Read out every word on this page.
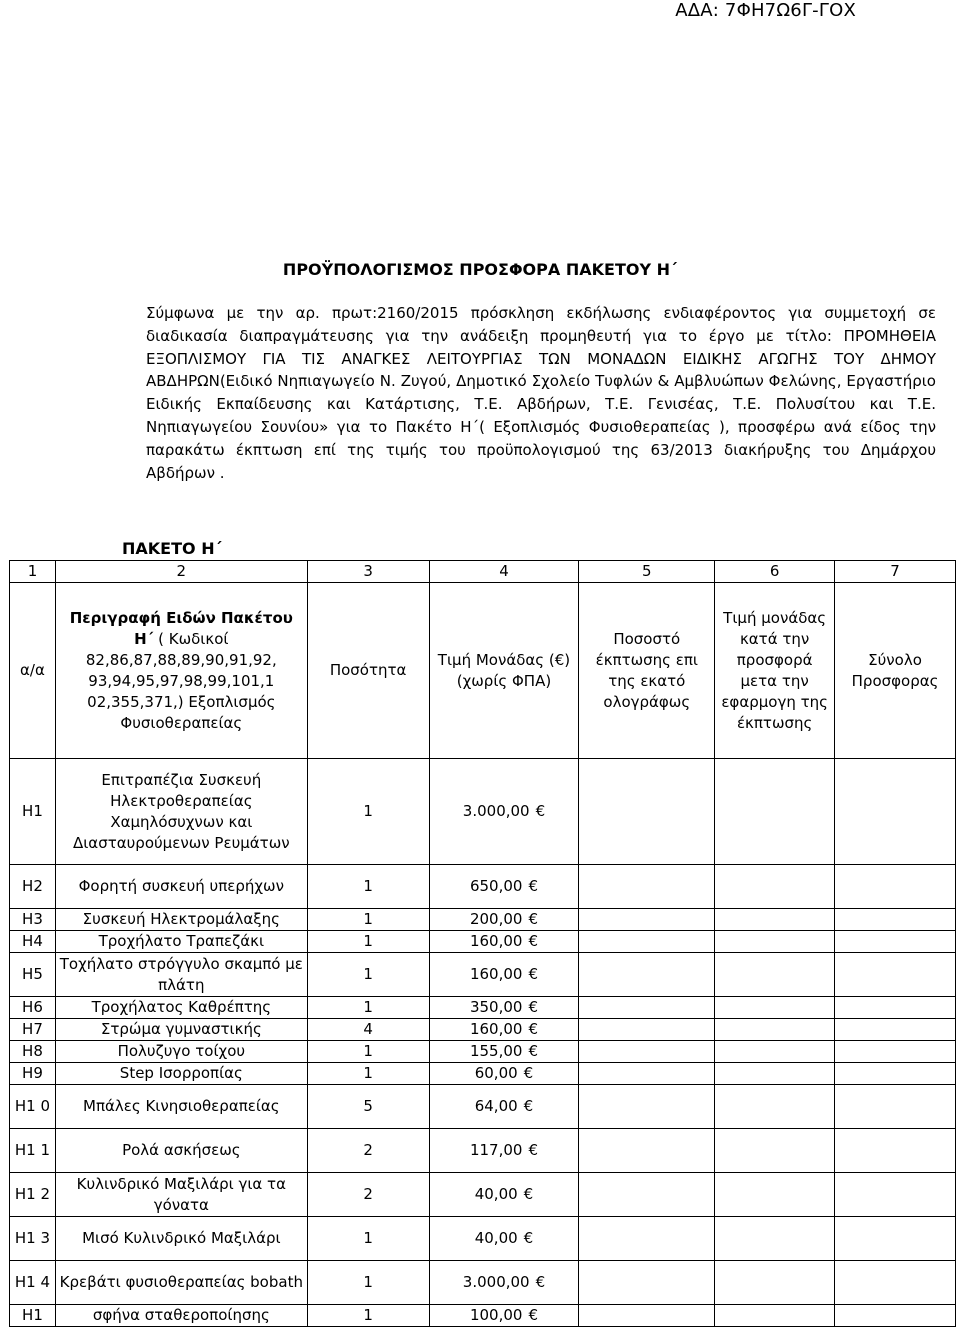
ΑΔΑ: 7ΦΗ7Ω6Γ-ΓΟΧ
ΠΡΟΫΠΟΛΟΓΙΣΜΟΣ ΠΡΟΣΦΟΡΑ ΠΑΚΕΤΟΥ Η΄
Σύμφωνα με την αρ. πρωτ:2160/2015 πρόσκληση εκδήλωσης ενδιαφέροντος για συμμετοχή σε διαδικασία διαπραγμάτευσης για την ανάδειξη προμηθευτή για το έργο με τίτλο: ΠΡΟΜΗΘΕΙΑ ΕΞΟΠΛΙΣΜΟΥ ΓΙΑ ΤΙΣ ΑΝΑΓΚΕΣ ΛΕΙΤΟΥΡΓΙΑΣ ΤΩΝ ΜΟΝΑΔΩΝ ΕΙΔΙΚΗΣ ΑΓΩΓΗΣ ΤΟΥ ΔΗΜΟΥ ΑΒΔΗΡΩΝ(Ειδικό Νηπιαγωγείο Ν. Ζυγού, Δημοτικό Σχολείο Τυφλών & Αμβλυώπων Φελώνης, Εργαστήριο Ειδικής Εκπαίδευσης και Κατάρτισης, Τ.Ε. Αβδήρων, Τ.Ε. Γενισέας, Τ.Ε. Πολυσίτου και Τ.Ε. Νηπιαγωγείου Σουνίου» για το Πακέτο Η΄( Εξοπλισμός Φυσιοθεραπείας ), προσφέρω ανά είδος την παρακάτω έκπτωση επί της τιμής του προϋπολογισμού της 63/2013 διακήρυξης του Δημάρχου Αβδήρων .
ΠΑΚΕΤΟ Η΄
1	2	3	4	5	6	7
α/α	Περιγραφή Ειδών Πακέτου Η΄ ( Κωδικοί 82,86,87,88,89,90,91,92, 93,94,95,97,98,99,101,1 02,355,371,) Εξοπλισμός Φυσιοθεραπείας	Ποσότητα	Τιμή Μονάδας (€) (χωρίς ΦΠΑ)	Ποσοστό έκπτωσης επι της εκατό ολογράφως	Τιμή μονάδας κατά την προσφορά μετα την εφαρμογη της έκπτωσης	Σύνολο Προσφορας
Η1	Επιτραπέζια Συσκευή Ηλεκτροθεραπείας Χαμηλόσυχνων και Διασταυρούμενων Ρευμάτων	1	3.000,00 €			
Η2	Φορητή συσκευή υπερήχων	1	650,00 €			
Η3	Συσκευή Ηλεκτρομάλαξης	1	200,00 €			
Η4	Τροχήλατο Τραπεζάκι	1	160,00 €			
Η5	Τοχήλατο στρόγγυλο σκαμπό με πλάτη	1	160,00 €			
Η6	Τροχήλατος Καθρέπτης	1	350,00 €			
Η7	Στρώμα γυμναστικής	4	160,00 €			
Η8	Πολυζυγο τοίχου	1	155,00 €			
Η9	Step Ισορροπίας	1	60,00 €			
Η1 0	Μπάλες Κινησιοθεραπείας	5	64,00 €			
Η1 1	Ρολά ασκήσεως	2	117,00 €			
Η1 2	Κυλινδρικό Μαξιλάρι για τα γόνατα	2	40,00 €			
Η1 3	Μισό Κυλινδρικό Μαξιλάρι	1	40,00 €			
Η1 4	Κρεβάτι φυσιοθεραπείας bobath	1	3.000,00 €			
Η1	σφήνα σταθεροποίησης	1	100,00 €			
